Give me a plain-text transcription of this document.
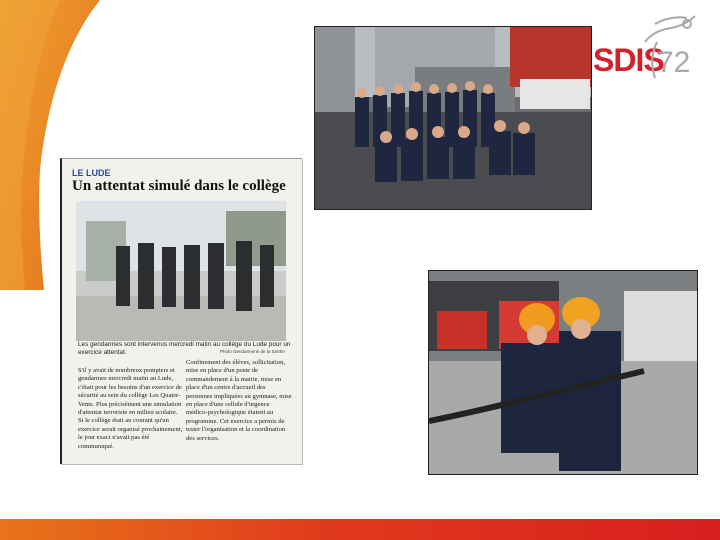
SDIS
72
LE LUDE
Un attentat simulé dans le collège
Les gendarmes sont intervenus mercredi matin au collège du Lude pour un exercice attentat.	Photo Gendarmerie de la Sarthe
S'il y avait de nombreux pompiers et gendarmes mercredi matin au Lude, c'était pour les besoins d'un exercice de sécurité au sein du collège Les Quatre-Vents. Plus précisément une simulation d'attentat terroriste en milieu scolaire. Si le collège était au courant qu'un exercice serait organisé prochainement, le jour exact n'avait pas été communiqué.
Confinement des élèves, sollicitation, mise en place d'un poste de commandement à la mairie, mise en place d'un centre d'accueil des personnes impliquées au gymnase, mise en place d'une cellule d'urgence médico-psychologique étaient au programme. Cet exercice a permis de tester l'organisation et la coordination des services.
